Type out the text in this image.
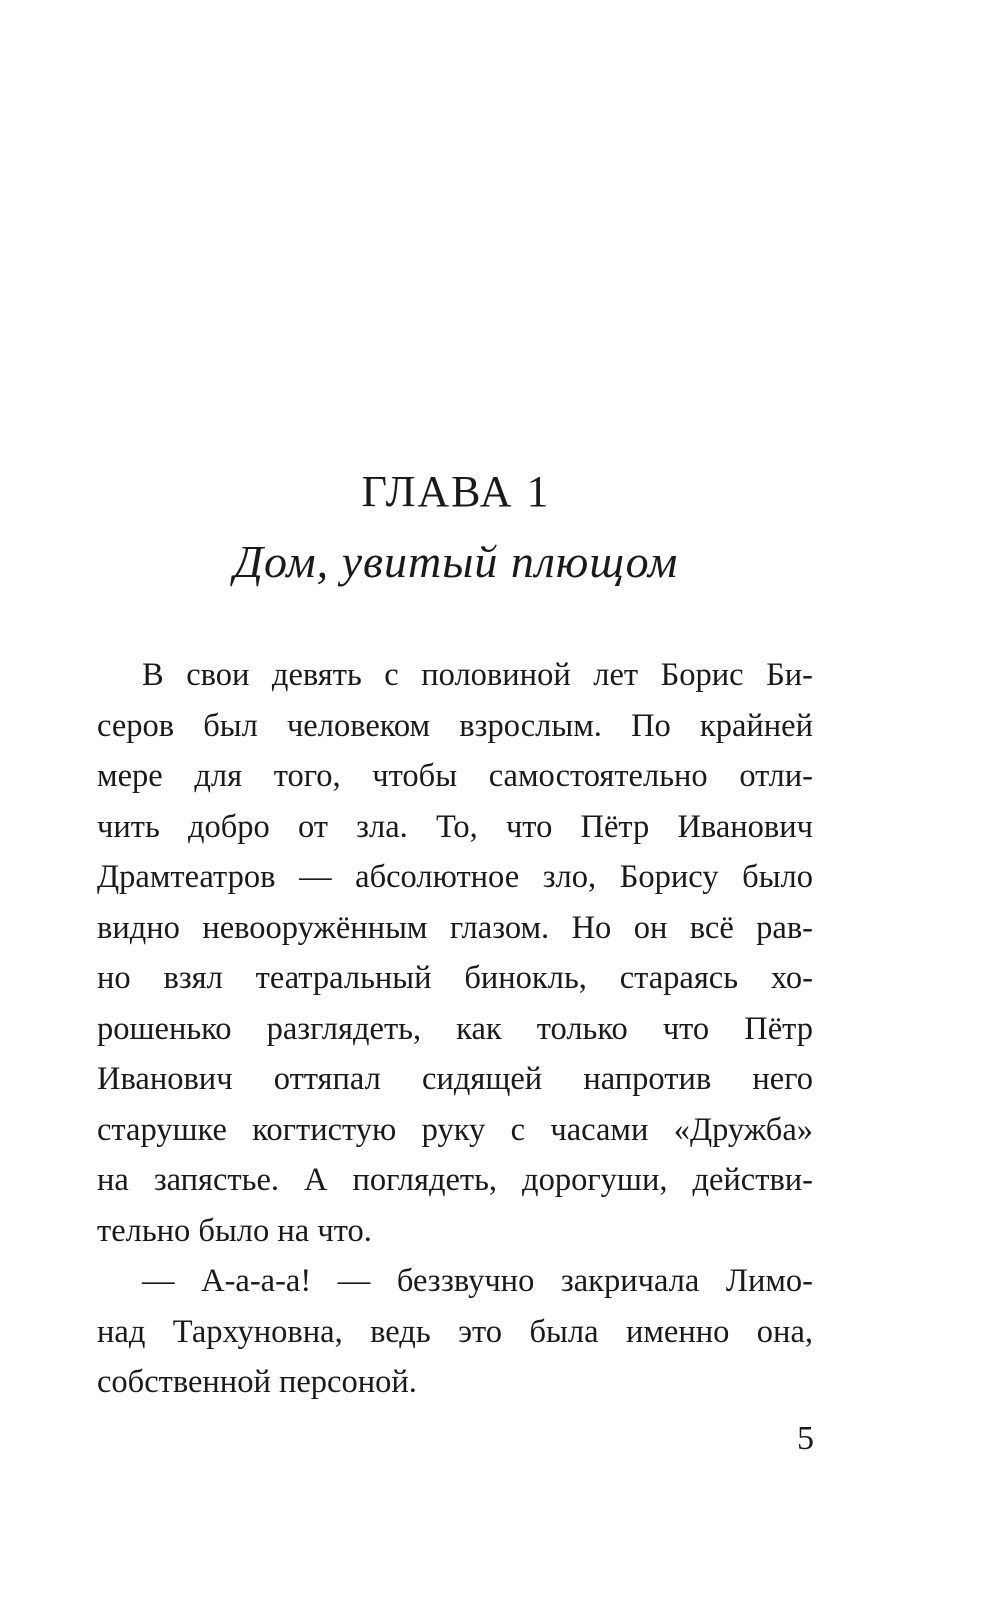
ГЛАВА 1
Дом, увитый плющом
В свои девять с половиной лет Борис Би-
серов был человеком взрослым. По крайней
мере для того, чтобы самостоятельно отли-
чить добро от зла. То, что Пётр Иванович
Драмтеатров — абсолютное зло, Борису было
видно невооружённым глазом. Но он всё рав-
но взял театральный бинокль, стараясь хо-
рошенько разглядеть, как только что Пётр
Иванович оттяпал сидящей напротив него
старушке когтистую руку с часами «Дружба»
на запястье. А поглядеть, дорогуши, действи-
тельно было на что.
— А-а-а-а! — беззвучно закричала Лимо-
над Тархуновна, ведь это была именно она,
собственной персоной.
5
